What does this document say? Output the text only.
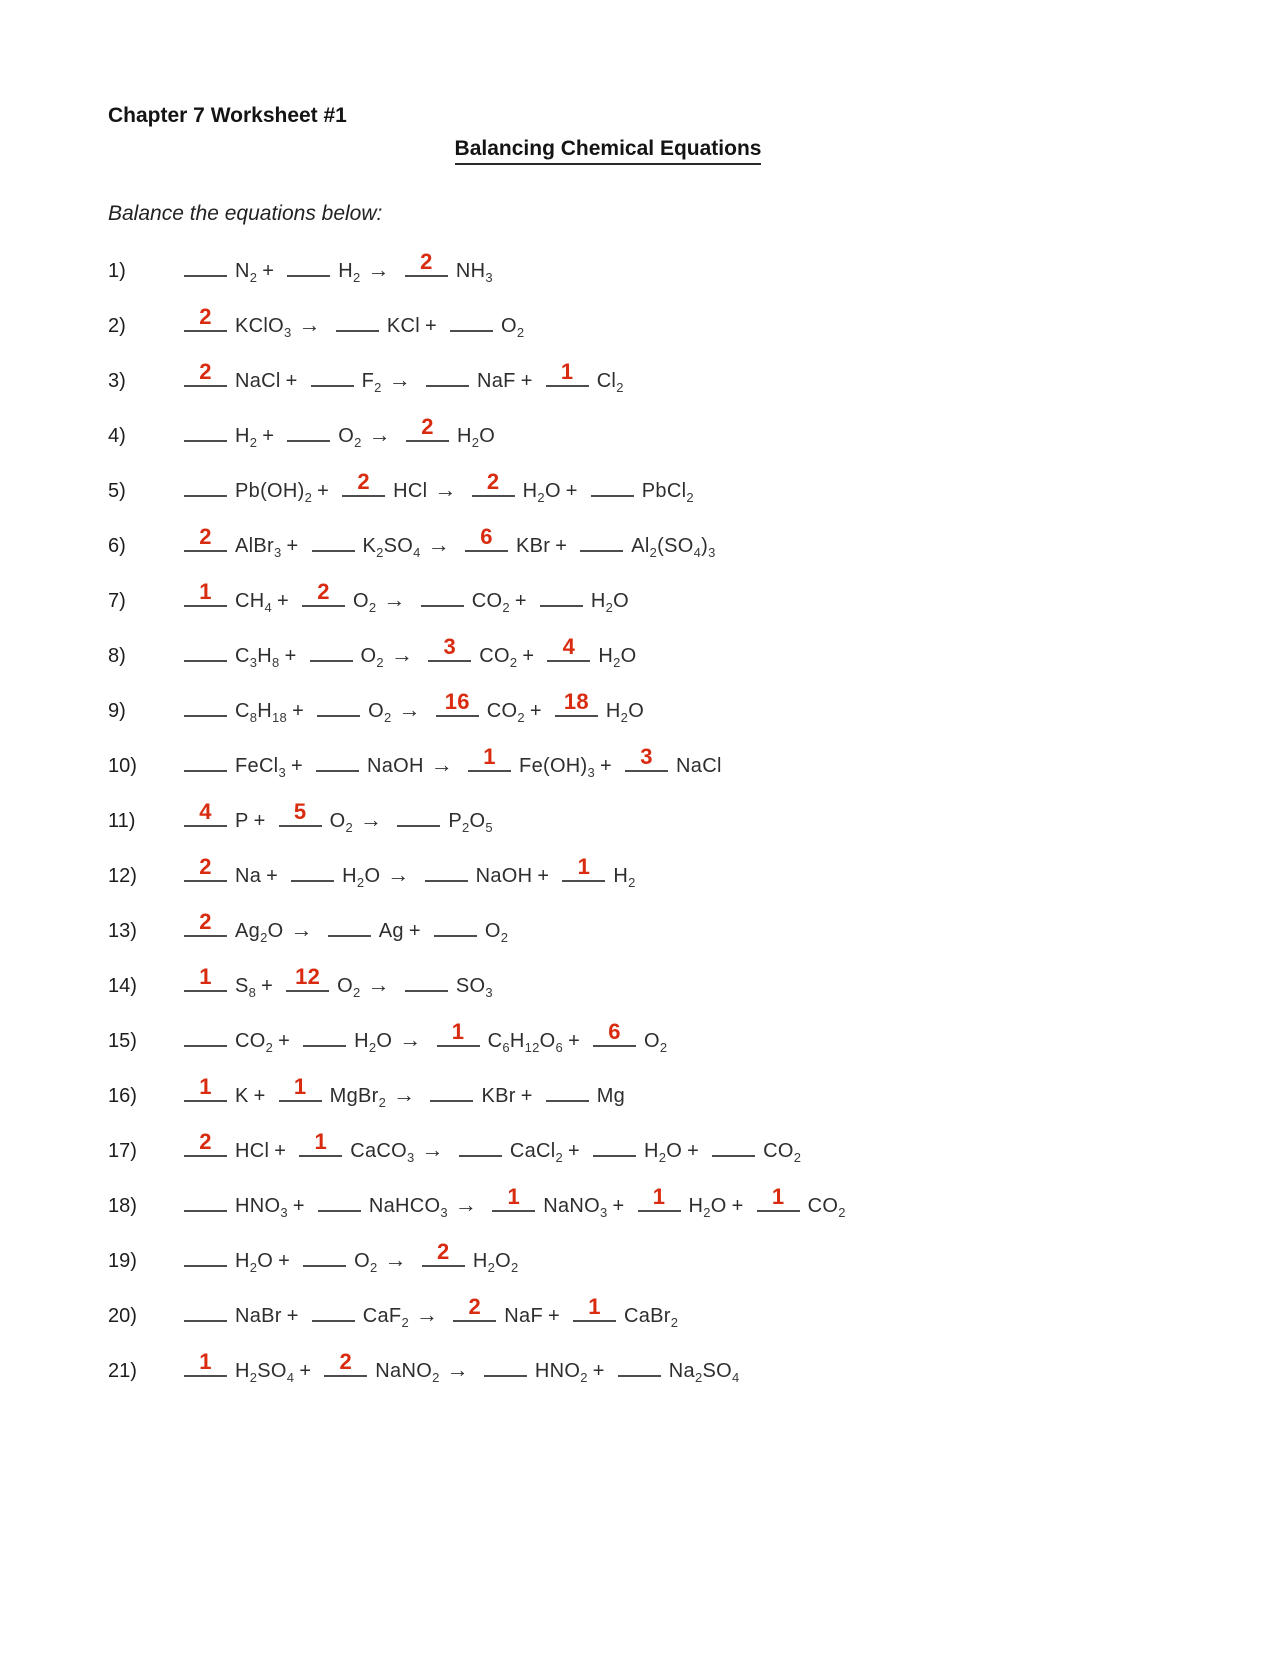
Chapter 7 Worksheet #1
Balancing Chemical Equations
Balance the equations below:
1)	$N_2$ +	$H_2$ →	2	$NH_3$
2)	2	KClO$_3$ →	KCl +	$O_2$
3)	2	NaCl +	$F_2$ →	NaF +	1	$Cl_2$
4)	$H_2$ +	$O_2$ →	2	$H_2O$
5)	$Pb(OH)_2$ +	2	HCl →	2	$H_2O$ +	PbCl$_2$
6)	2	AlBr$_3$ +	$K_2SO_4$ →	6	KBr +	$Al_2(SO_4)_3$
7)	1	$CH_4$ +	2	$O_2$ →	$CO_2$ +	$H_2O$
8)	$C_3H_8$ +	$O_2$ →	3	$CO_2$ +	4	$H_2O$
9)	$C_8H_{18}$ +	$O_2$ →	16 $CO_2 + 18$ $H_2O$
10)	FeCl$_3$ +	NaOH →	1	$Fe(OH)_3$ +	3	NaCl
11)	4	P +	5	$O_2$ →	$P_2O_5$
12)	2	Na +	$H_2O$ →	NaOH +	1	$H_2$
13)	2	$Ag_2O$ →	Ag +	$O_2$
14)	1	$S_8 + 12$ $O_2$ →	$SO_3$
15)	$CO_2$ +	$H_2O$ →	1	$C_6H_{12}O_6$ +	6	$O_2$
16)	1	K +	1	MgBr$_2$ →	KBr +	Mg
17)	2	HCl +	1	CaCO$_3$ →	CaCl$_2$ +	$H_2O$ +	$CO_2$
18)	$HNO_3$ +	NaHCO$_3$ →	1	NaNO$_3$ +	1	$H_2O$ +	1	$CO_2$
19)	$H_2O$ +	$O_2$ →	2	$H_2O_2$
20)	NaBr +	CaF$_2$ →	2	NaF +	1	CaBr$_2$
21)	1	$H_2SO_4$ +	2	NaNO$_2$ →	$HNO_2$ +	$Na_2SO_4$
